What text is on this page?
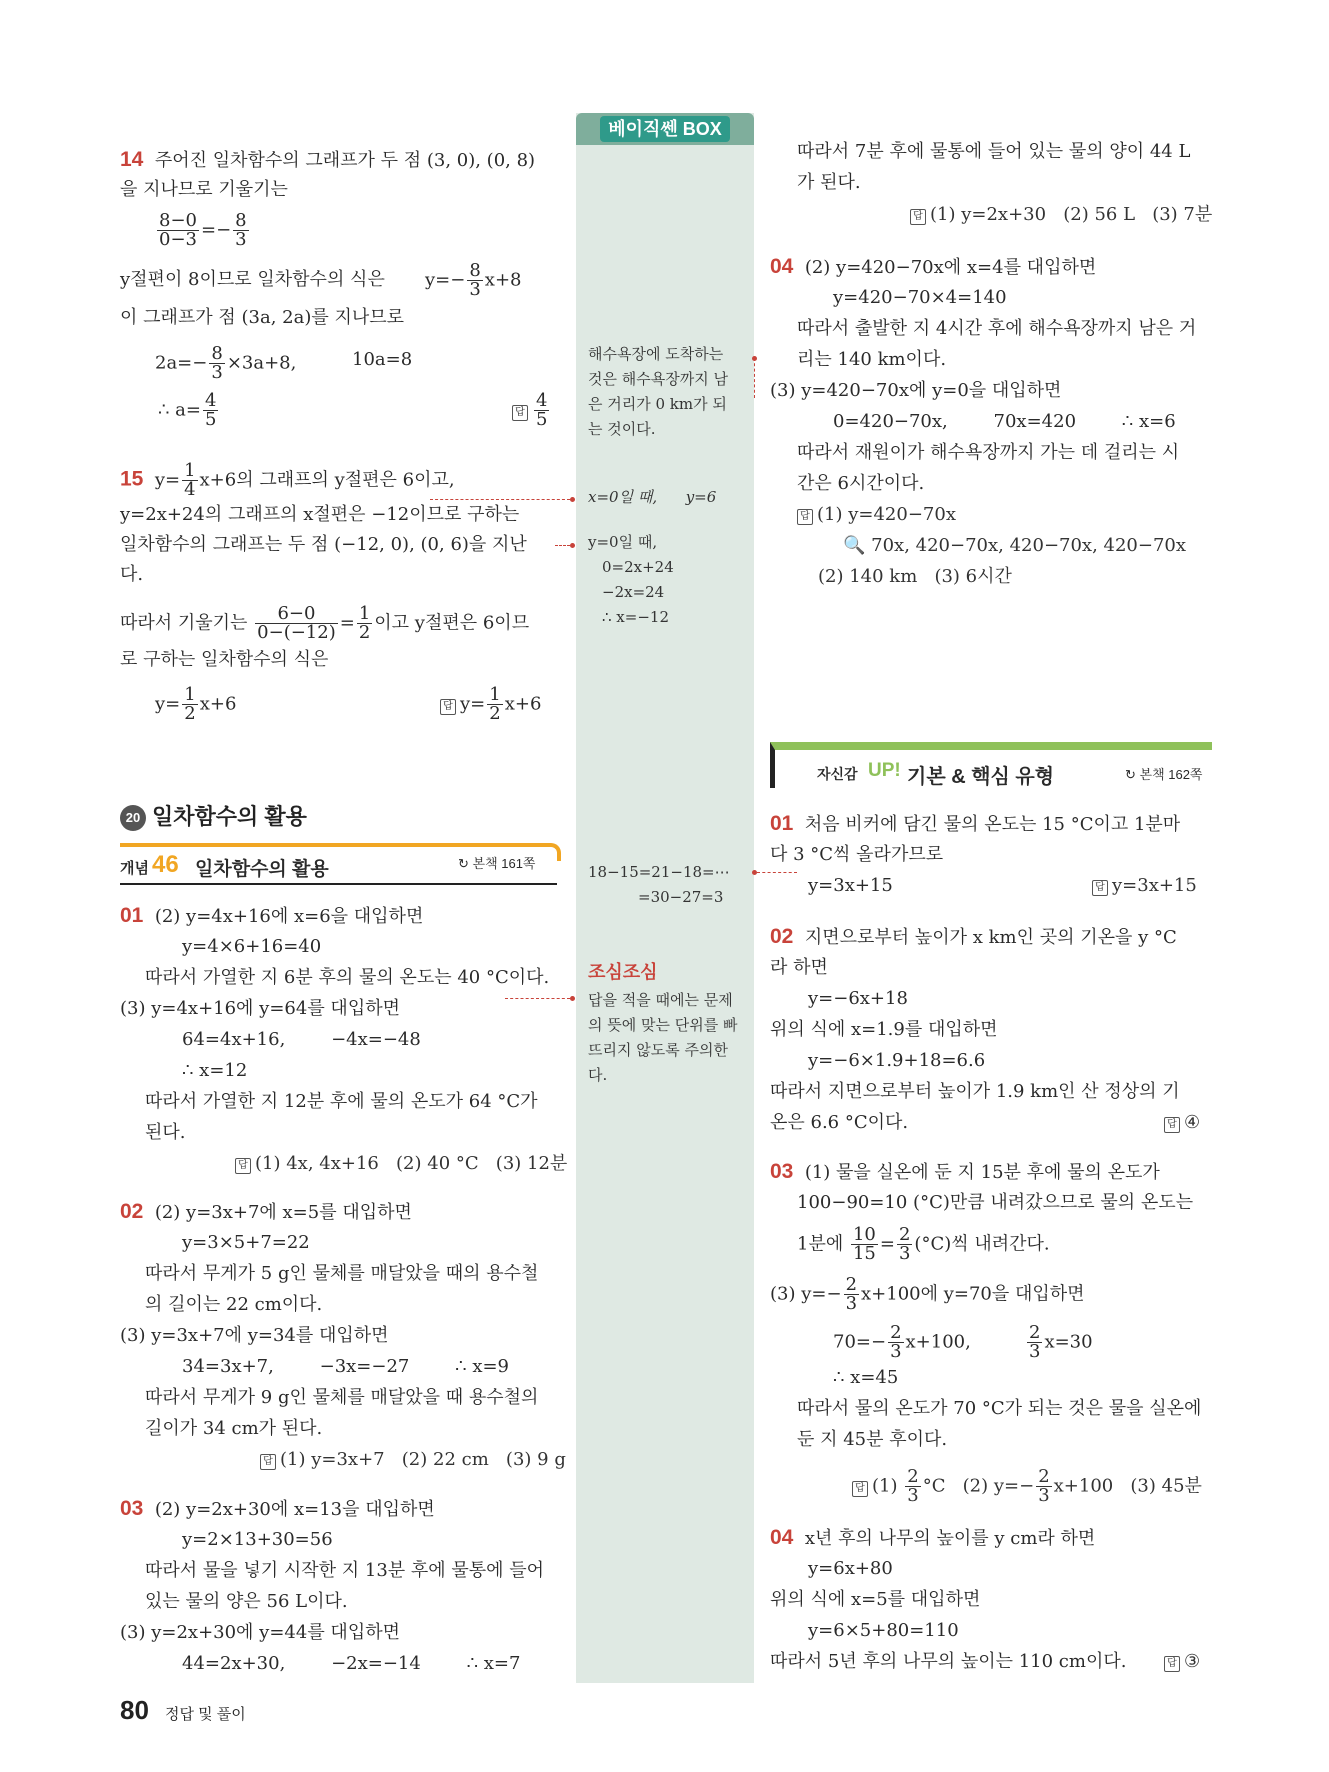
베이직쎈 BOX
14 주어진 일차함수의 그래프가 두 점 (3, 0), (0, 8)
을 지나므로 기울기는
$\frac{8-0}{0-3} =- \frac{8}{3}$
y절편이 8이므로 일차함수의 식은 $y=- \frac{8}{3} x+8$
이 그래프가 점 (3a, 2a)를 지나므로
$2a=- \frac{8}{3} \times 3a+8$,	10a=8
∴ $a= \frac{4}{5}$	답 $\frac{4}{5}$
15 $y= \frac{1}{4} x+6$의 그래프의 y절편은 6이고,
y=2x+24의 그래프의 x절편은 −12이므로 구하는
일차함수의 그래프는 두 점 (−12, 0), (0, 6)을 지난
다.
따라서 기울기는 $\frac{6-0}{0-(-12)} = \frac{1}{2}$ 이고 y절편은 6이므
로 구하는 일차함수의 식은
$y= \frac{1}{2} x+6$	답 $y= \frac{1}{2} x+6$
20 일차함수의 활용
개념 46 일차함수의 활용	↻ 본책 161쪽
01 (2) y=4x+16에 x=6을 대입하면
y=4×6+16=40
따라서 가열한 지 6분 후의 물의 온도는 40 °C이다.
(3) y=4x+16에 y=64를 대입하면
64=4x+16,        −4x=−48
∴ x=12
따라서 가열한 지 12분 후에 물의 온도가 64 °C가
된다.
답 (1) 4x, 4x+16   (2) 40 °C   (3) 12분
02 (2) y=3x+7에 x=5를 대입하면
y=3×5+7=22
따라서 무게가 5 g인 물체를 매달았을 때의 용수철
의 길이는 22 cm이다.
(3) y=3x+7에 y=34를 대입하면
34=3x+7,        −3x=−27        ∴ x=9
따라서 무게가 9 g인 물체를 매달았을 때 용수철의
길이가 34 cm가 된다.
답 (1) y=3x+7   (2) 22 cm   (3) 9 g
03 (2) y=2x+30에 x=13을 대입하면
y=2×13+30=56
따라서 물을 넣기 시작한 지 13분 후에 물통에 들어
있는 물의 양은 56 L이다.
(3) y=2x+30에 y=44를 대입하면
44=2x+30,        −2x=−14        ∴ x=7
해수욕장에 도착하는
것은 해수욕장까지 남
은 거리가 0 km가 되
는 것이다.
x=0일 때,      y=6
y=0일 때,
0=2x+24
−2x=24
∴ x=−12
18−15=21−18=⋯
=30−27=3
조심조심
답을 적을 때에는 문제
의 뜻에 맞는 단위를 빠
뜨리지 않도록 주의한
다.
따라서 7분 후에 물통에 들어 있는 물의 양이 44 L
가 된다.
답 (1) y=2x+30   (2) 56 L   (3) 7분
04 (2) y=420−70x에 x=4를 대입하면
y=420−70×4=140
따라서 출발한 지 4시간 후에 해수욕장까지 남은 거
리는 140 km이다.
(3) y=420−70x에 y=0을 대입하면
0=420−70x,        70x=420        ∴ x=6
따라서 재원이가 해수욕장까지 가는 데 걸리는 시
간은 6시간이다.
답 (1) y=420−70x
🔍 70x, 420−70x, 420−70x, 420−70x
(2) 140 km   (3) 6시간
자신감 UP! 기본 & 핵심 유형	↻ 본책 162쪽
01 처음 비커에 담긴 물의 온도는 15 °C이고 1분마
다 3 °C씩 올라가므로
y=3x+15	답 y=3x+15
02 지면으로부터 높이가 x km인 곳의 기온을 y °C
라 하면
y=−6x+18
위의 식에 x=1.9를 대입하면
y=−6×1.9+18=6.6
따라서 지면으로부터 높이가 1.9 km인 산 정상의 기
온은 6.6 °C이다.	답 ④
03 (1) 물을 실온에 둔 지 15분 후에 물의 온도가
100−90=10 (°C)만큼 내려갔으므로 물의 온도는
1분에 $\frac{10}{15} = \frac{2}{3} (^\circ C)$씩 내려간다.
(3) $y=- \frac{2}{3} x+100$에 y=70을 대입하면
$70=- \frac{2}{3} x+100$,	$\frac{2}{3} x=30$
∴ x=45
따라서 물의 온도가 70 °C가 되는 것은 물을 실온에
둔 지 45분 후이다.
답 $(1) \frac{2}{3} ^\circ C$   (2) $y=- \frac{2}{3} x+100$   (3) 45분
04 x년 후의 나무의 높이를 y cm라 하면
y=6x+80
위의 식에 x=5를 대입하면
y=6×5+80=110
따라서 5년 후의 나무의 높이는 110 cm이다.	답 ③
80 정답 및 풀이
